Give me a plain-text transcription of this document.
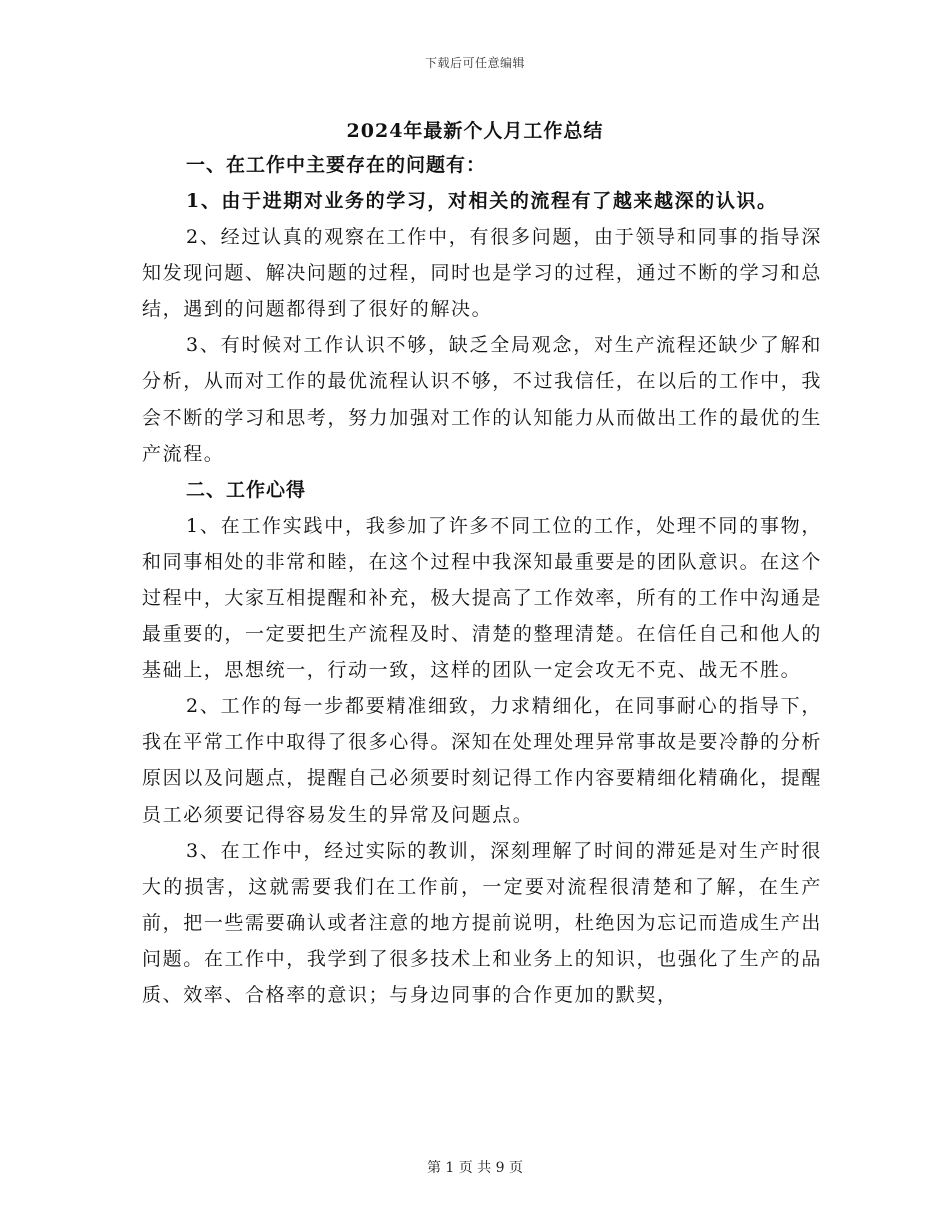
下载后可任意编辑
2024年最新个人月工作总结

一、在工作中主要存在的问题有：

1、由于进期对业务的学习，对相关的流程有了越来越深的认识。

2、经过认真的观察在工作中，有很多问题，由于领导和同事的指导深知发现问题、解决问题的过程，同时也是学习的过程，通过不断的学习和总结，遇到的问题都得到了很好的解决。

3、有时候对工作认识不够，缺乏全局观念，对生产流程还缺少了解和分析，从而对工作的最优流程认识不够，不过我信任，在以后的工作中，我会不断的学习和思考，努力加强对工作的认知能力从而做出工作的最优的生产流程。

二、工作心得

1、在工作实践中，我参加了许多不同工位的工作，处理不同的事物，和同事相处的非常和睦，在这个过程中我深知最重要是的团队意识。在这个过程中，大家互相提醒和补充，极大提高了工作效率，所有的工作中沟通是最重要的，一定要把生产流程及时、清楚的整理清楚。在信任自己和他人的基础上，思想统一，行动一致，这样的团队一定会攻无不克、战无不胜。

2、工作的每一步都要精准细致，力求精细化，在同事耐心的指导下，我在平常工作中取得了很多心得。深知在处理处理异常事故是要冷静的分析原因以及问题点，提醒自己必须要时刻记得工作内容要精细化精确化，提醒员工必须要记得容易发生的异常及问题点。

3、在工作中，经过实际的教训，深刻理解了时间的滞延是对生产时很大的损害，这就需要我们在工作前，一定要对流程很清楚和了解，在生产前，把一些需要确认或者注意的地方提前说明，杜绝因为忘记而造成生产出问题。在工作中，我学到了很多技术上和业务上的知识，也强化了生产的品质、效率、合格率的意识；与身边同事的合作更加的默契，

第 1 页 共 9 页
